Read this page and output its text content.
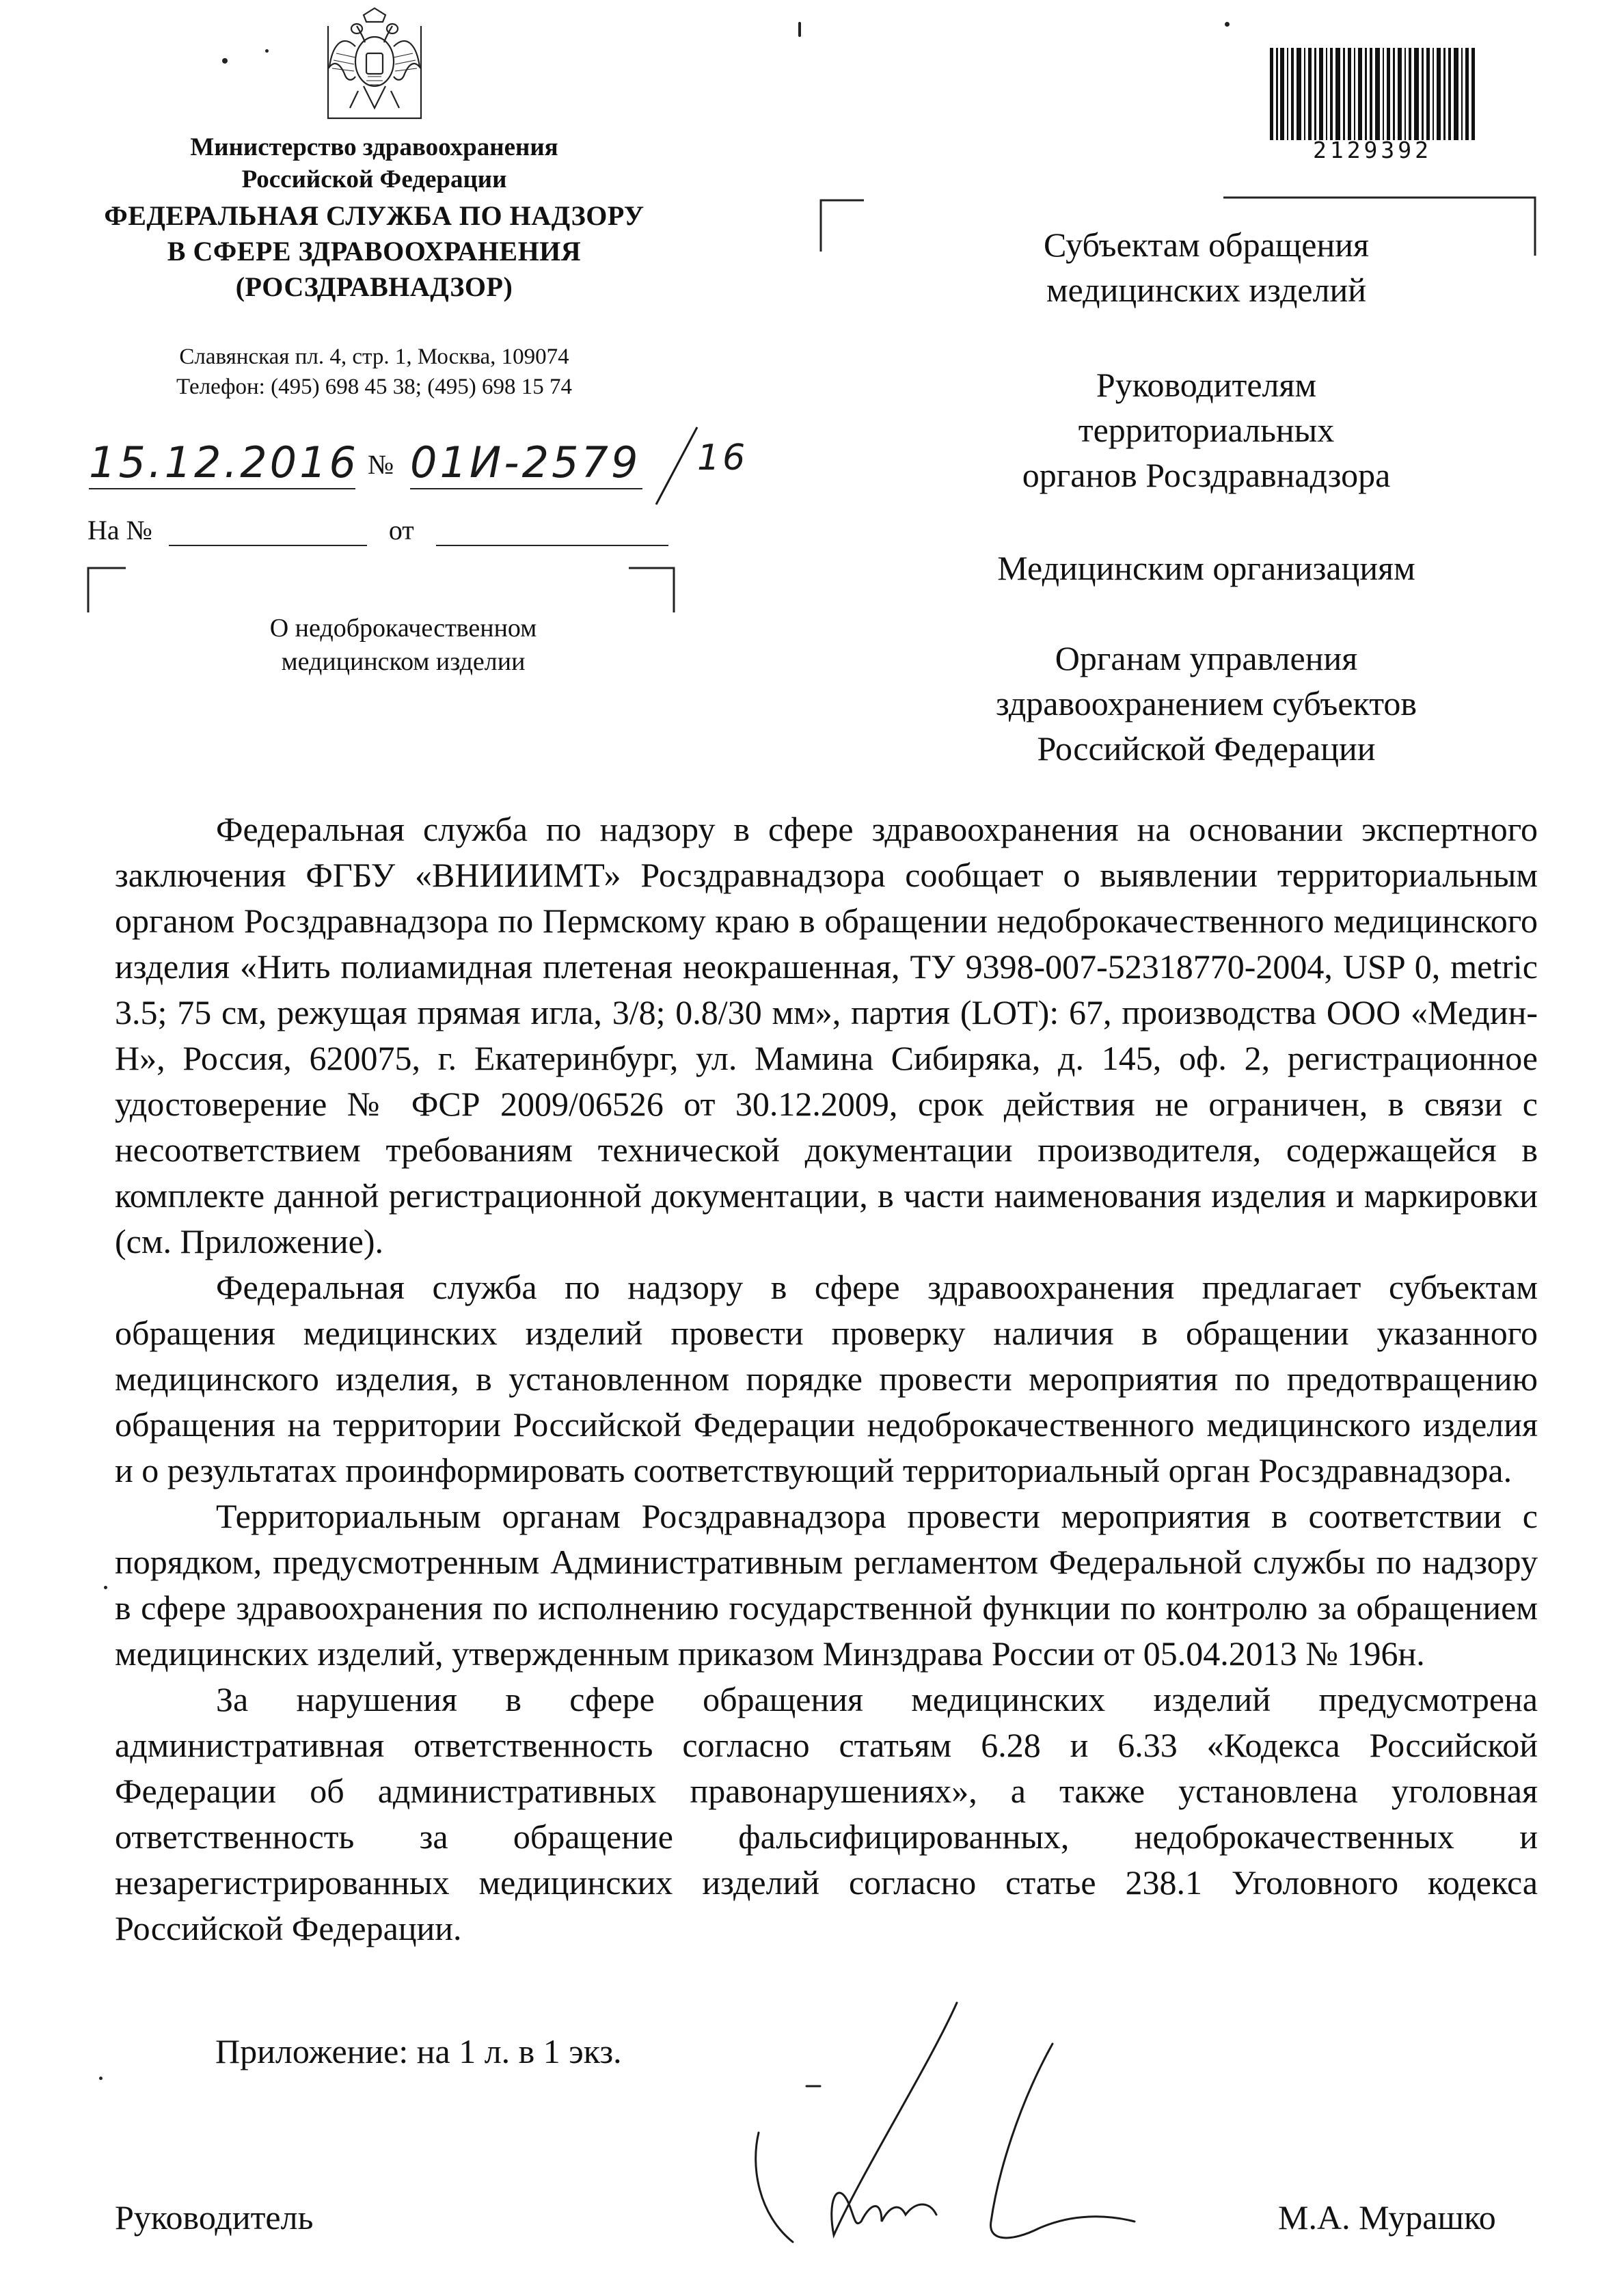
Министерство здравоохранения
Российской Федерации
ФЕДЕРАЛЬНАЯ СЛУЖБА ПО НАДЗОРУ
В СФЕРЕ ЗДРАВООХРАНЕНИЯ
(РОСЗДРАВНАДЗОР)
Славянская пл. 4, стр. 1, Москва, 109074
Телефон: (495) 698 45 38; (495) 698 15 74
15.12.2016 № 01И-2579 16
На №	от
О недоброкачественном
медицинском изделии
2129392
Субъектам обращения
медицинских изделий
Руководителям
территориальных
органов Росздравнадзора
Медицинским организациям
Органам управления
здравоохранением субъектов
Российской Федерации

Федеральная служба по надзору в сфере здравоохранения на основании экспертного заключения ФГБУ «ВНИИИМТ» Росздравнадзора сообщает о выявлении территориальным органом Росздравнадзора по Пермскому краю в обращении недоброкачественного медицинского изделия «Нить полиамидная плетеная неокрашенная, ТУ 9398-007-52318770-2004, USP 0, metric 3.5; 75 см, режущая прямая игла, 3/8; 0.8/30 мм», партия (LOT): 67, производства ООО «Медин-Н», Россия, 620075, г. Екатеринбург, ул. Мамина Сибиряка, д. 145, оф. 2, регистрационное удостоверение № ФСР 2009/06526 от 30.12.2009, срок действия не ограничен, в связи с несоответствием требованиям технической документации производителя, содержащейся в комплекте данной регистрационной документации, в части наименования изделия и маркировки (см. Приложение).

Федеральная служба по надзору в сфере здравоохранения предлагает субъектам обращения медицинских изделий провести проверку наличия в обращении указанного медицинского изделия, в установленном порядке провести мероприятия по предотвращению обращения на территории Российской Федерации недоброкачественного медицинского изделия и о результатах проинформировать соответствующий территориальный орган Росздравнадзора.

Территориальным органам Росздравнадзора провести мероприятия в соответствии с порядком, предусмотренным Административным регламентом Федеральной службы по надзору в сфере здравоохранения по исполнению государственной функции по контролю за обращением медицинских изделий, утвержденным приказом Минздрава России от 05.04.2013 № 196н.

За нарушения в сфере обращения медицинских изделий предусмотрена административная ответственность согласно статьям 6.28 и 6.33 «Кодекса Российской Федерации об административных правонарушениях», а также установлена уголовная ответственность за обращение фальсифицированных, недоброкачественных и незарегистрированных медицинских изделий согласно статье 238.1 Уголовного кодекса Российской Федерации.

Приложение: на 1 л. в 1 экз.
Руководитель	М.А. Мурашко
